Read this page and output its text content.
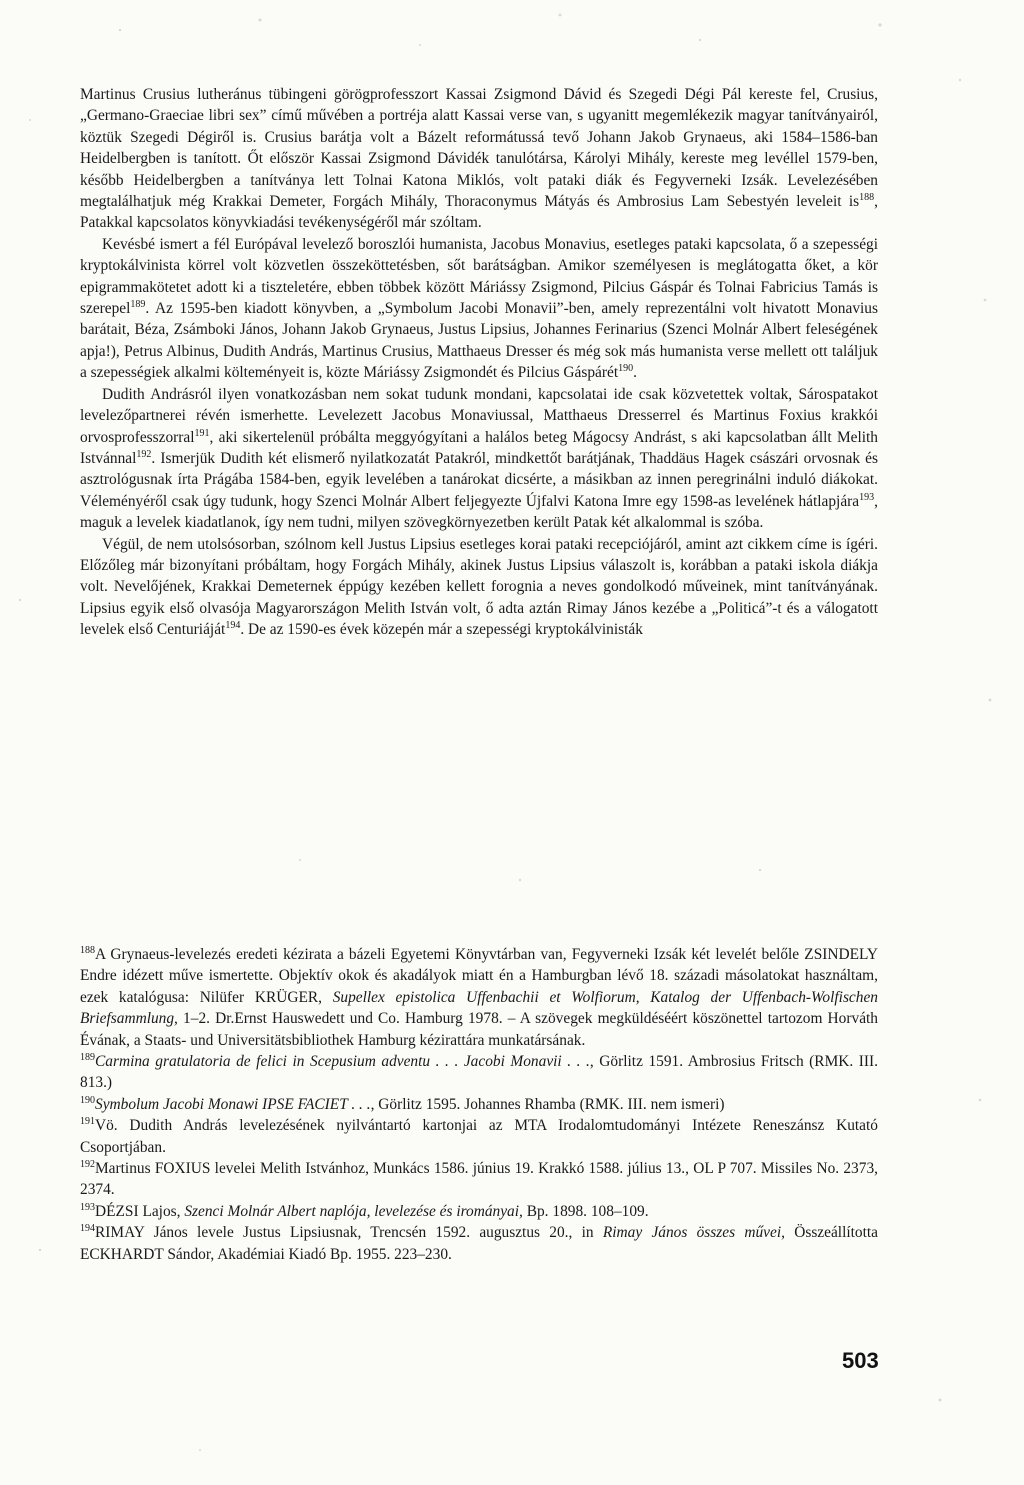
Martinus Crusius lutheránus tübingeni görögprofesszort Kassai Zsigmond Dávid és Szegedi Dégi Pál kereste fel, Crusius, „Germano-Graeciae libri sex” című művében a portréja alatt Kassai verse van, s ugyanitt megemlékezik magyar tanítványairól, köztük Szegedi Dégiről is. Crusius barátja volt a Bázelt reformátussá tevő Johann Jakob Grynaeus, aki 1584–1586-ban Heidelbergben is tanított. Őt először Kassai Zsigmond Dávidék tanulótársa, Károlyi Mihály, kereste meg levéllel 1579-ben, később Heidelbergben a tanítványa lett Tolnai Katona Miklós, volt pataki diák és Fegyverneki Izsák. Levelezésében megtalálhatjuk még Krakkai Demeter, Forgách Mihály, Thoraconymus Mátyás és Ambrosius Lam Sebestyén leveleit $is^{188}$, Patakkal kapcsolatos könyvkiadási tevékenységéről már szóltam.

Kevésbé ismert a fél Európával levelező boroszlói humanista, Jacobus Monavius, esetleges pataki kapcsolata, ő a szepességi kryptokálvinista körrel volt közvetlen összeköttetésben, sőt barátságban. Amikor személyesen is meglátogatta őket, a kör epigrammakötetet adott ki a tiszteletére, ebben többek között Máriássy Zsigmond, Pilcius Gáspár és Tolnai Fabricius Tamás is szerepel$^{189}$. Az 1595-ben kiadott könyvben, a „Symbolum Jacobi Monavii”-ben, amely reprezentálni volt hivatott Monavius barátait, Béza, Zsámboki János, Johann Jakob Grynaeus, Justus Lipsius, Johannes Ferinarius (Szenci Molnár Albert feleségének apja!), Petrus Albinus, Dudith András, Martinus Crusius, Matthaeus Dresser és még sok más humanista verse mellett ott találjuk a szepességiek alkalmi költeményeit is, közte Máriássy Zsigmondét és Pilcius Gáspárét$^{190}$.

Dudith Andrásról ilyen vonatkozásban nem sokat tudunk mondani, kapcsolatai ide csak közvetettek voltak, Sárospatakot levelezőpartnerei révén ismerhette. Levelezett Jacobus Monaviussal, Matthaeus Dresserrel és Martinus Foxius krakkói orvosprofesszorral$^{191}$, aki sikertelenül próbálta meggyógyítani a halálos beteg Mágocsy Andrást, s aki kapcsolatban állt Melith Istvánnal$^{192}$. Ismerjük Dudith két elismerő nyilatkozatát Patakról, mindkettőt barátjának, Thaddäus Hagek császári orvosnak és asztrológusnak írta Prágába 1584-ben, egyik levelében a tanárokat dicsérte, a másikban az innen peregrinálni induló diákokat. Véleményéről csak úgy tudunk, hogy Szenci Molnár Albert feljegyezte Újfalvi Katona Imre egy 1598-as levelének hátlapjára$^{193}$, maguk a levelek kiadatlanok, így nem tudni, milyen szövegkörnyezetben került Patak két alkalommal is szóba.

Végül, de nem utolsósorban, szólnom kell Justus Lipsius esetleges korai pataki recepciójáról, amint azt cikkem címe is ígéri. Előzőleg már bizonyítani próbáltam, hogy Forgách Mihály, akinek Justus Lipsius válaszolt is, korábban a pataki iskola diákja volt. Nevelőjének, Krakkai Demeternek éppúgy kezében kellett forognia a neves gondolkodó műveinek, mint tanítványának. Lipsius egyik első olvasója Magyarországon Melith István volt, ő adta aztán Rimay János kezébe a „Politicá”-t és a válogatott levelek első Centuriáját$^{194}$. De az 1590-es évek közepén már a szepességi kryptokálvinisták

$^{188}$A Grynaeus-levelezés eredeti kézirata a bázeli Egyetemi Könyvtárban van, Fegyverneki Izsák két levelét belőle ZSINDELY Endre idézett műve ismertette. Objektív okok és akadályok miatt én a Hamburgban lévő 18. századi másolatokat használtam, ezek katalógusa: Nilüfer KRÜGER, Supellex epistolica Uffenbachii et Wolfiorum, Katalog der Uffenbach-Wolfischen Briefsammlung, 1–2. Dr.Ernst Hauswedett und Co. Hamburg 1978. – A szövegek megküldéséért köszönettel tartozom Horváth Évának, a Staats- und Universitätsbibliothek Hamburg kézirattára munkatársának.

$^{189}$Carmina gratulatoria de felici in Scepusium adventu . . . Jacobi Monavii . . ., Görlitz 1591. Ambrosius Fritsch (RMK. III. 813.)

$^{190}$Symbolum Jacobi Monawi IPSE FACIET . . ., Görlitz 1595. Johannes Rhamba (RMK. III. nem ismeri)

$^{191}$Vö. Dudith András levelezésének nyilvántartó kartonjai az MTA Irodalomtudományi Intézete Reneszánsz Kutató Csoportjában.

$^{192}$Martinus FOXIUS levelei Melith Istvánhoz, Munkács 1586. június 19. Krakkó 1588. július 13., OL P 707. Missiles No. 2373, 2374.

$^{193}$DÉZSI Lajos, Szenci Molnár Albert naplója, levelezése és irományai, Bp. 1898. 108–109.

$^{194}$RIMAY János levele Justus Lipsiusnak, Trencsén 1592. augusztus 20., in Rimay János összes művei, Összeállította ECKHARDT Sándor, Akadémiai Kiadó Bp. 1955. 223–230.

503
